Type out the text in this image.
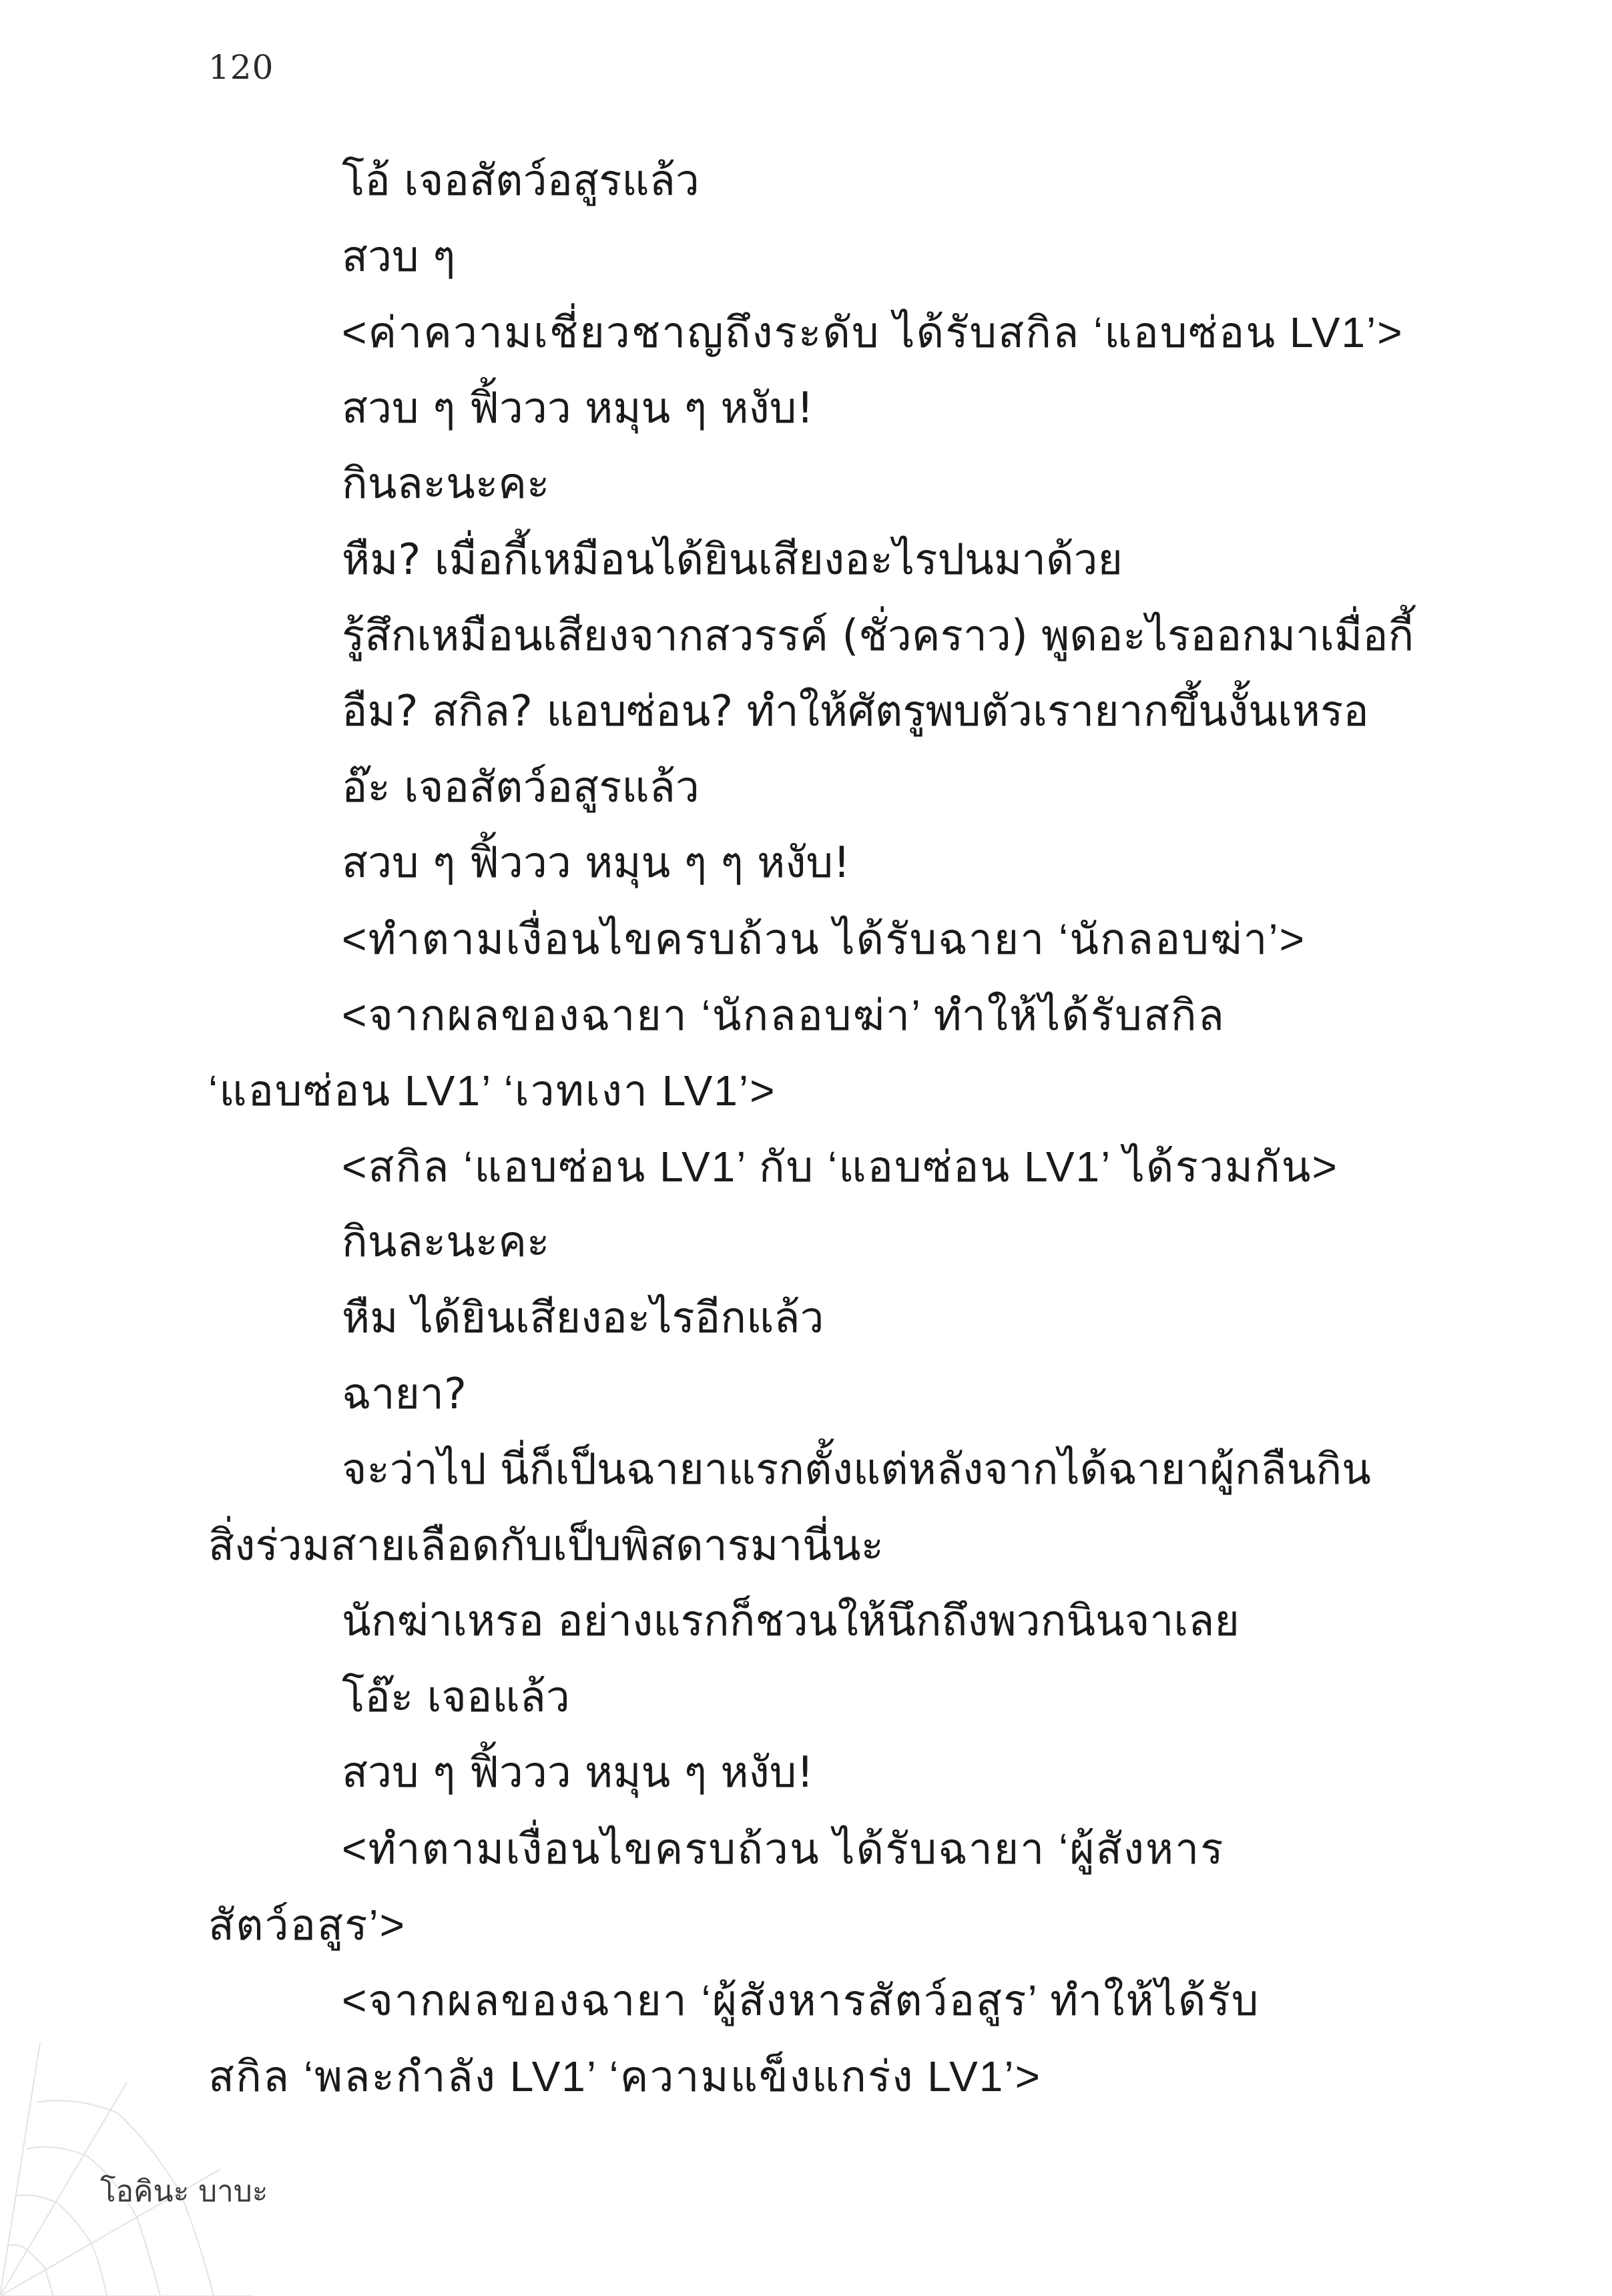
120
โอ้ เจอสัตว์อสูรแล้ว
สวบ ๆ
<ค่าความเชี่ยวชาญถึงระดับ ได้รับสกิล ‘แอบซ่อน LV1’>
สวบ ๆ ฟิ้ววว หมุน ๆ หงับ!
กินละนะคะ
หืม? เมื่อกี้เหมือนได้ยินเสียงอะไรปนมาด้วย
รู้สึกเหมือนเสียงจากสวรรค์ (ชั่วคราว) พูดอะไรออกมาเมื่อกี้
อืม? สกิล? แอบซ่อน? ทำให้ศัตรูพบตัวเรายากขึ้นงั้นเหรอ
อ๊ะ เจอสัตว์อสูรแล้ว
สวบ ๆ ฟิ้ววว หมุน ๆ ๆ หงับ!
<ทำตามเงื่อนไขครบถ้วน ได้รับฉายา ‘นักลอบฆ่า’>
<จากผลของฉายา ‘นักลอบฆ่า’ ทำให้ได้รับสกิล
‘แอบซ่อน LV1’ ‘เวทเงา LV1’>
<สกิล ‘แอบซ่อน LV1’ กับ ‘แอบซ่อน LV1’ ได้รวมกัน>
กินละนะคะ
หืม ได้ยินเสียงอะไรอีกแล้ว
ฉายา?
จะว่าไป นี่ก็เป็นฉายาแรกตั้งแต่หลังจากได้ฉายาผู้กลืนกิน
สิ่งร่วมสายเลือดกับเป็บพิสดารมานี่นะ
นักฆ่าเหรอ อย่างแรกก็ชวนให้นึกถึงพวกนินจาเลย
โอ๊ะ เจอแล้ว
สวบ ๆ ฟิ้ววว หมุน ๆ หงับ!
<ทำตามเงื่อนไขครบถ้วน ได้รับฉายา ‘ผู้สังหาร
สัตว์อสูร’>
<จากผลของฉายา ‘ผู้สังหารสัตว์อสูร’ ทำให้ได้รับ
สกิล ‘พละกำลัง LV1’ ‘ความแข็งแกร่ง LV1’>
โอคินะ บาบะ
